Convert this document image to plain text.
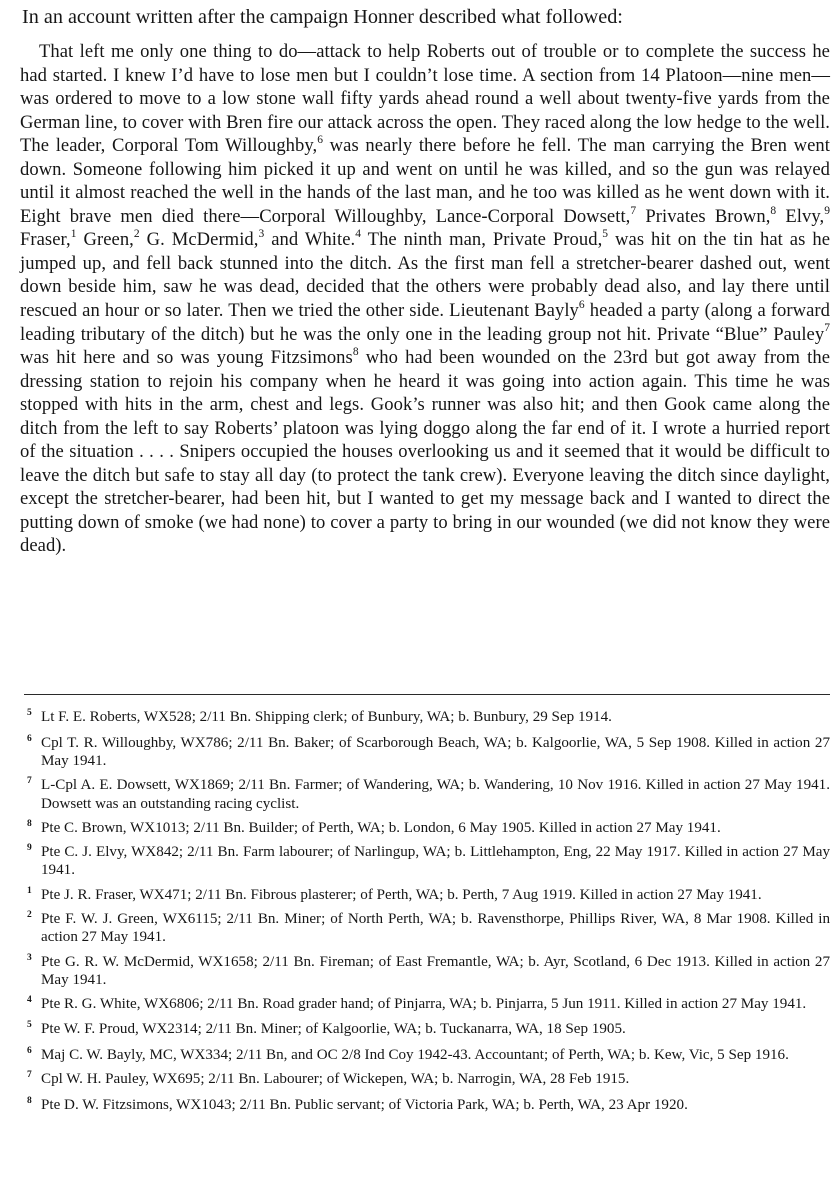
In an account written after the campaign Honner described what followed:

That left me only one thing to do—attack to help Roberts out of trouble or to complete the success he had started. I knew I’d have to lose men but I couldn’t lose time. A section from 14 Platoon—nine men—was ordered to move to a low stone wall fifty yards ahead round a well about twenty-five yards from the German line, to cover with Bren fire our attack across the open. They raced along the low hedge to the well. The leader, Corporal Tom Willoughby,$^6$ was nearly there before he fell. The man carrying the Bren went down. Someone following him picked it up and went on until he was killed, and so the gun was relayed until it almost reached the well in the hands of the last man, and he too was killed as he went down with it. Eight brave men died there—Corporal Willoughby, Lance-Corporal Dowsett,$^7$ Privates Brown,$^8$ Elvy,$^9$ Fraser,$^1$ Green,$^2$ G. McDermid,$^3$ and White.$^4$ The ninth man, Private Proud,$^5$ was hit on the tin hat as he jumped up, and fell back stunned into the ditch. As the first man fell a stretcher-bearer dashed out, went down beside him, saw he was dead, decided that the others were probably dead also, and lay there until rescued an hour or so later. Then we tried the other side. Lieutenant Bayly$^6$ headed a party (along a forward leading tributary of the ditch) but he was the only one in the leading group not hit. Private “Blue” Pauley$^7$ was hit here and so was young Fitzsimons$^8$ who had been wounded on the 23rd but got away from the dressing station to rejoin his company when he heard it was going into action again. This time he was stopped with hits in the arm, chest and legs. Gook’s runner was also hit; and then Gook came along the ditch from the left to say Roberts’ platoon was lying doggo along the far end of it. I wrote a hurried report of the situation . . . . Snipers occupied the houses overlooking us and it seemed that it would be difficult to leave the ditch but safe to stay all day (to protect the tank crew). Everyone leaving the ditch since daylight, except the stretcher-bearer, had been hit, but I wanted to get my message back and I wanted to direct the putting down of smoke (we had none) to cover a party to bring in our wounded (we did not know they were dead).

5 Lt F. E. Roberts, WX528; 2/11 Bn. Shipping clerk; of Bunbury, WA; b. Bunbury, 29 Sep 1914.
6 Cpl T. R. Willoughby, WX786; 2/11 Bn. Baker; of Scarborough Beach, WA; b. Kalgoorlie, WA, 5 Sep 1908. Killed in action 27 May 1941.
7 L-Cpl A. E. Dowsett, WX1869; 2/11 Bn. Farmer; of Wandering, WA; b. Wandering, 10 Nov 1916. Killed in action 27 May 1941. Dowsett was an outstanding racing cyclist.
8 Pte C. Brown, WX1013; 2/11 Bn. Builder; of Perth, WA; b. London, 6 May 1905. Killed in action 27 May 1941.
9 Pte C. J. Elvy, WX842; 2/11 Bn. Farm labourer; of Narlingup, WA; b. Littlehampton, Eng, 22 May 1917. Killed in action 27 May 1941.
1 Pte J. R. Fraser, WX471; 2/11 Bn. Fibrous plasterer; of Perth, WA; b. Perth, 7 Aug 1919. Killed in action 27 May 1941.
2 Pte F. W. J. Green, WX6115; 2/11 Bn. Miner; of North Perth, WA; b. Ravensthorpe, Phillips River, WA, 8 Mar 1908. Killed in action 27 May 1941.
3 Pte G. R. W. McDermid, WX1658; 2/11 Bn. Fireman; of East Fremantle, WA; b. Ayr, Scotland, 6 Dec 1913. Killed in action 27 May 1941.
4 Pte R. G. White, WX6806; 2/11 Bn. Road grader hand; of Pinjarra, WA; b. Pinjarra, 5 Jun 1911. Killed in action 27 May 1941.
5 Pte W. F. Proud, WX2314; 2/11 Bn. Miner; of Kalgoorlie, WA; b. Tuckanarra, WA, 18 Sep 1905.
6 Maj C. W. Bayly, MC, WX334; 2/11 Bn, and OC 2/8 Ind Coy 1942-43. Accountant; of Perth, WA; b. Kew, Vic, 5 Sep 1916.
7 Cpl W. H. Pauley, WX695; 2/11 Bn. Labourer; of Wickepen, WA; b. Narrogin, WA, 28 Feb 1915.
8 Pte D. W. Fitzsimons, WX1043; 2/11 Bn. Public servant; of Victoria Park, WA; b. Perth, WA, 23 Apr 1920.
